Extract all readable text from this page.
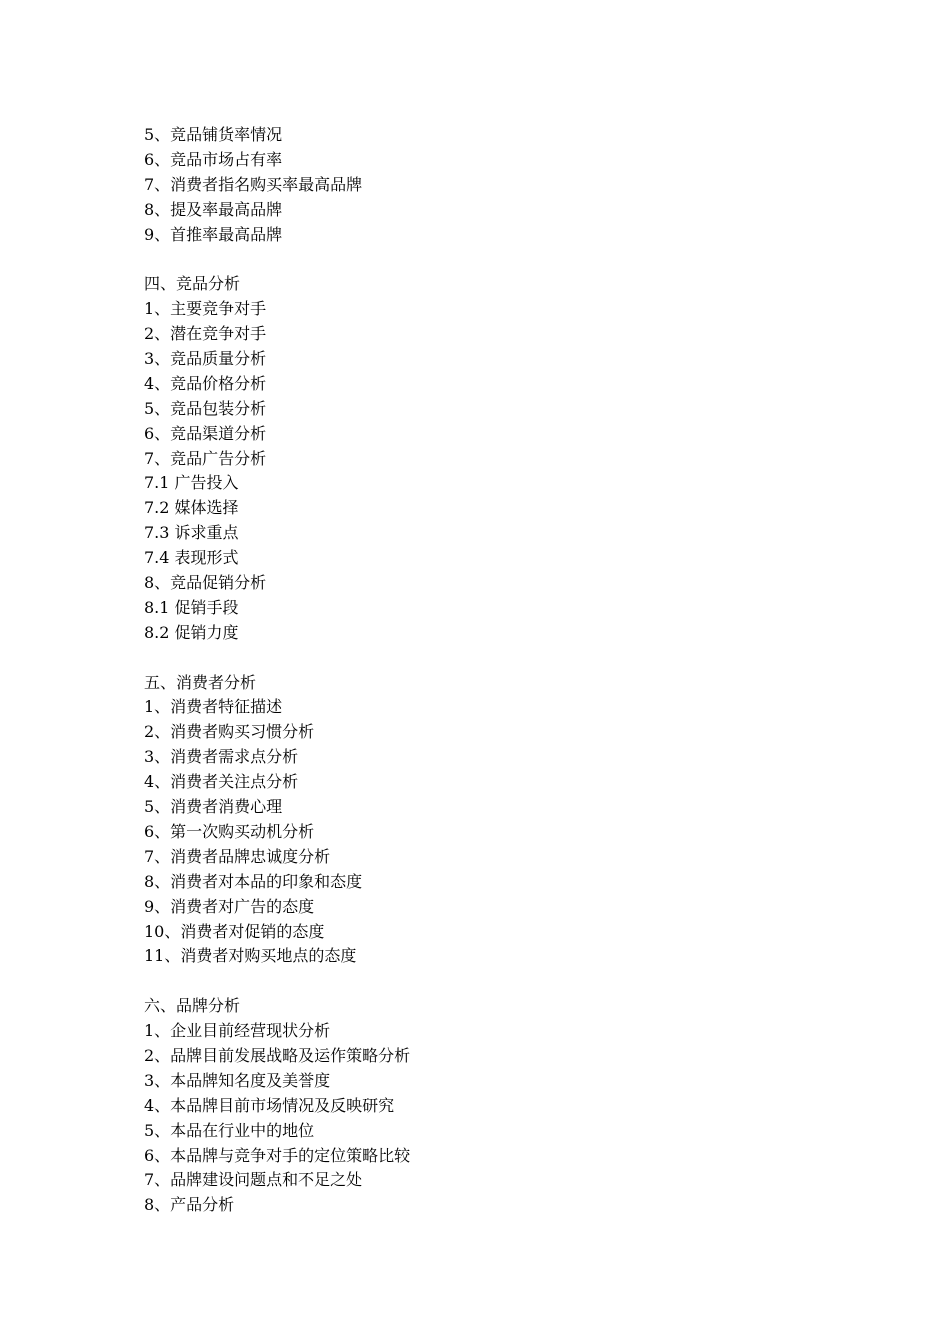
5、竞品铺货率情况
6、竞品市场占有率
7、消费者指名购买率最高品牌
8、提及率最高品牌
9、首推率最高品牌
四、竞品分析
1、主要竞争对手
2、潜在竞争对手
3、竞品质量分析
4、竞品价格分析
5、竞品包装分析
6、竞品渠道分析
7、竞品广告分析
7.1 广告投入
7.2 媒体选择
7.3 诉求重点
7.4 表现形式
8、竞品促销分析
8.1 促销手段
8.2 促销力度
五、消费者分析
1、消费者特征描述
2、消费者购买习惯分析
3、消费者需求点分析
4、消费者关注点分析
5、消费者消费心理
6、第一次购买动机分析
7、消费者品牌忠诚度分析
8、消费者对本品的印象和态度
9、消费者对广告的态度
10、消费者对促销的态度
11、消费者对购买地点的态度
六、品牌分析
1、企业目前经营现状分析
2、品牌目前发展战略及运作策略分析
3、本品牌知名度及美誉度
4、本品牌目前市场情况及反映研究
5、本品在行业中的地位
6、本品牌与竞争对手的定位策略比较
7、品牌建设问题点和不足之处
8、产品分析
